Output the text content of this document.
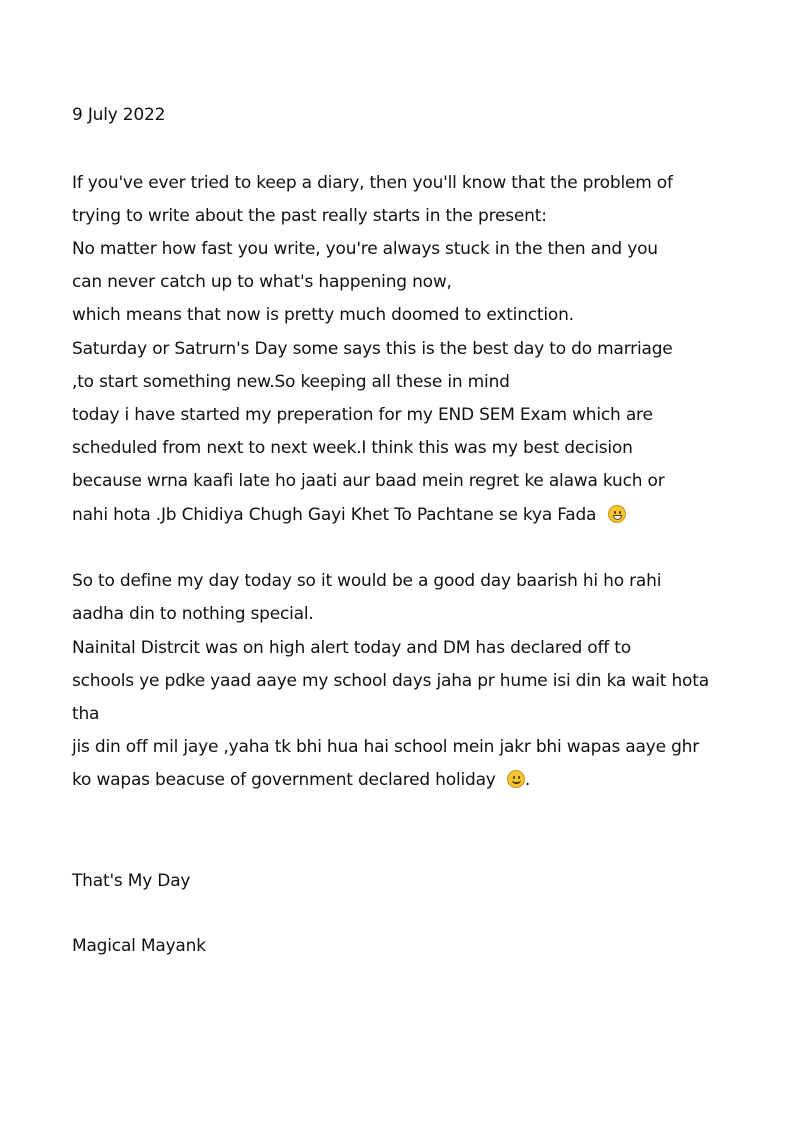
9 July 2022
If you've ever tried to keep a diary, then you'll know that the problem of
trying to write about the past really starts in the present:
No matter how fast you write, you're always stuck in the then and you
can never catch up to what's happening now,
which means that now is pretty much doomed to extinction.
Saturday or Satrurn's Day some says this is the best day to do marriage
,to start something new.So keeping all these in mind
today i have started my preperation for my END SEM Exam which are
scheduled from next to next week.I think this was my best decision
because wrna kaafi late ho jaati aur baad mein regret ke alawa kuch or
nahi hota .Jb Chidiya Chugh Gayi Khet To Pachtane se kya Fada
So to define my day today so it would be a good day baarish hi ho rahi
aadha din to nothing special.
Nainital Distrcit was on high alert today and DM has declared off to
schools ye pdke yaad aaye my school days jaha pr hume isi din ka wait hota
tha
jis din off mil jaye ,yaha tk bhi hua hai school mein jakr bhi wapas aaye ghr
ko wapas beacuse of government declared holiday .
That's My Day
Magical Mayank
